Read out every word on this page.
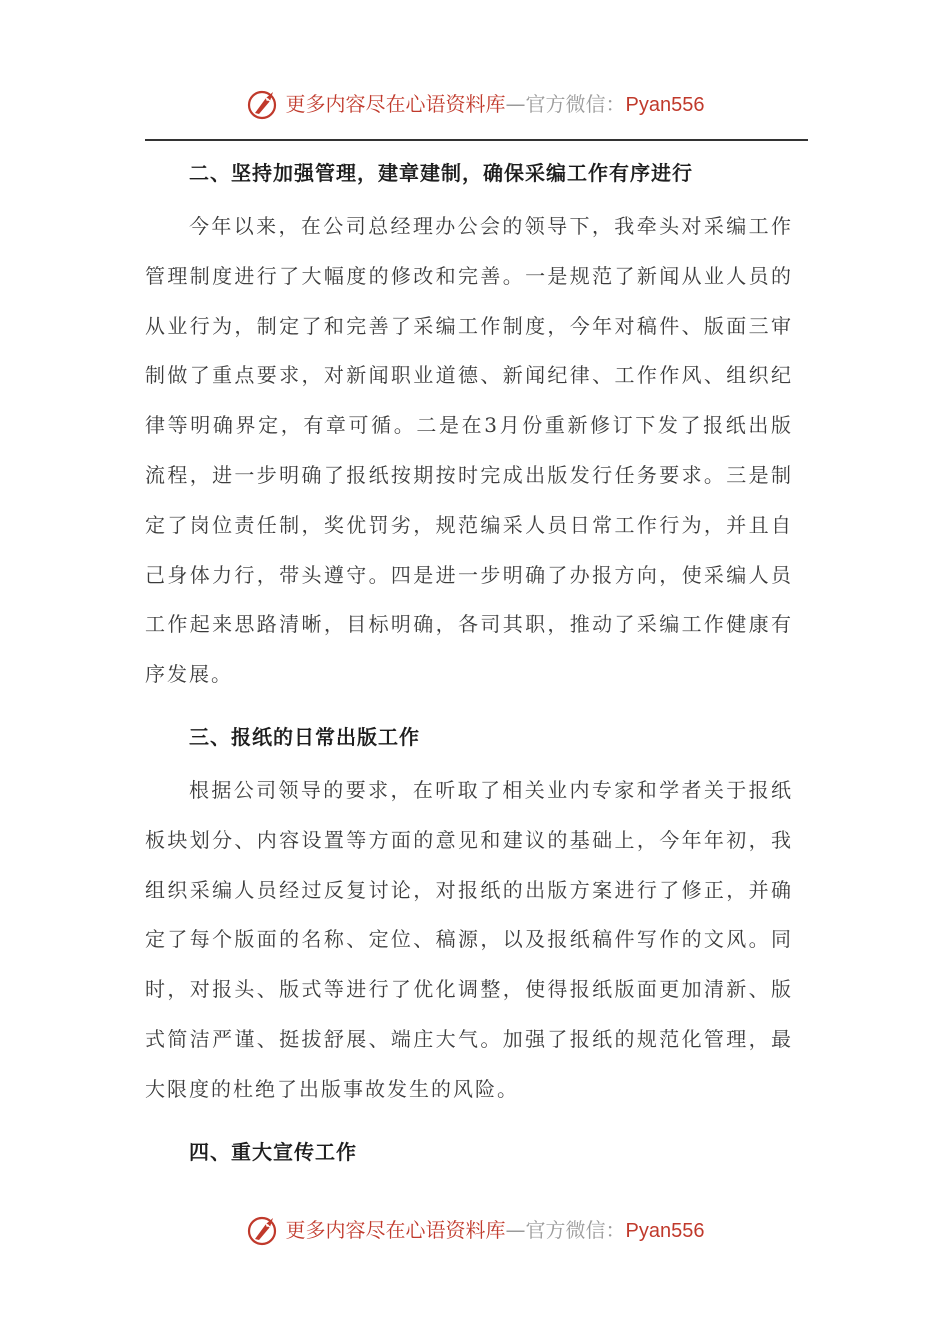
更多内容尽在心语资料库—官方微信：Pyan556

二、坚持加强管理，建章建制，确保采编工作有序进行

今年以来，在公司总经理办公会的领导下，我牵头对采编工作管理制度进行了大幅度的修改和完善。一是规范了新闻从业人员的从业行为，制定了和完善了采编工作制度，今年对稿件、版面三审制做了重点要求，对新闻职业道德、新闻纪律、工作作风、组织纪律等明确界定，有章可循。二是在3月份重新修订下发了报纸出版流程，进一步明确了报纸按期按时完成出版发行任务要求。三是制定了岗位责任制，奖优罚劣，规范编采人员日常工作行为，并且自己身体力行，带头遵守。四是进一步明确了办报方向，使采编人员工作起来思路清晰，目标明确，各司其职，推动了采编工作健康有序发展。

三、报纸的日常出版工作

根据公司领导的要求，在听取了相关业内专家和学者关于报纸板块划分、内容设置等方面的意见和建议的基础上，今年年初，我组织采编人员经过反复讨论，对报纸的出版方案进行了修正，并确定了每个版面的名称、定位、稿源，以及报纸稿件写作的文风。同时，对报头、版式等进行了优化调整，使得报纸版面更加清新、版式简洁严谨、挺拔舒展、端庄大气。加强了报纸的规范化管理，最大限度的杜绝了出版事故发生的风险。

四、重大宣传工作

更多内容尽在心语资料库—官方微信：Pyan556
